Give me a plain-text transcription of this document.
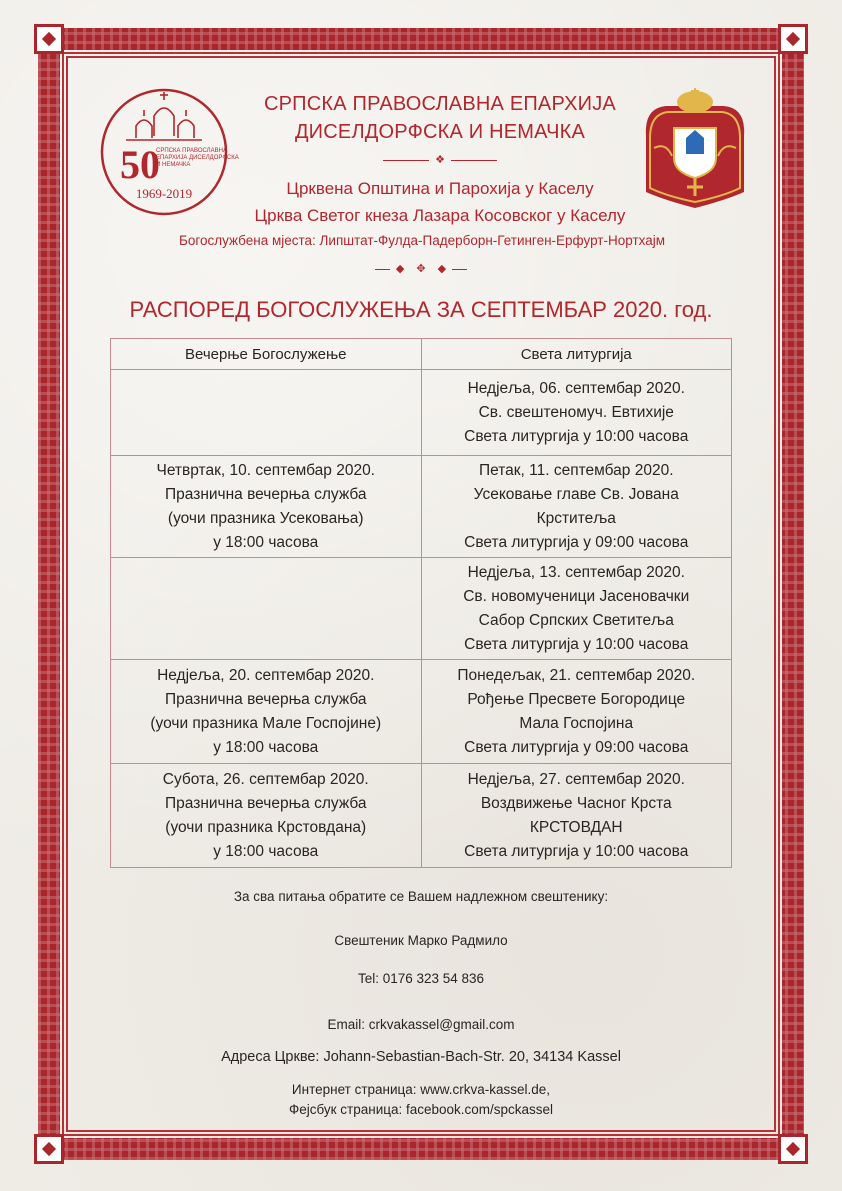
50
СРПСКА ПРАВОСЛАВНА
ЕПАРХИЈА ДИСЕЛДОРФСКА
И НЕМАЧКА
1969-2019
СРПСКА ПРАВОСЛАВНА ЕПАРХИЈА
ДИСЕЛДОРФСКА И НЕМАЧКА
❖
Црквена Општина и Парохија у Каселу
Црква Светог кнеза Лазара Косовског у Каселу
Богослужбена мјеста: Липштат-Фулда-Падерборн-Гетинген-Ерфурт-Нортхајм
◆ ✥ ◆
РАСПОРЕД БОГОСЛУЖЕЊА ЗА СЕПТЕМБАР 2020. год.
Вечерње Богослужење	Света литургија

	Недјеља, 06. септембар 2020.
Св. свештеномуч. Евтихије
Света литургија у 10:00 часова

Четвртак, 10. септембар 2020.
Празнична вечерња служба
(уочи празника Усековања)
у 18:00 часова	Петак, 11. септембар 2020.
Усековање главе Св. Јована
Крститеља
Света литургија у 09:00 часова

	Недјеља, 13. септембар 2020.
Св. новомученици Јасеновачки
Сабор Српских Светитеља
Света литургија у 10:00 часова

Недјеља, 20. септембар 2020.
Празнична вечерња служба
(уочи празника Мале Госпојине)
у 18:00 часова	Понедељак, 21. септембар 2020.
Рођење Пресвете Богородице
Мала Госпојина
Света литургија у 09:00 часова

Субота, 26. септембар 2020.
Празнична вечерња служба
(уочи празника Крстовдана)
у 18:00 часова	Недјеља, 27. септембар 2020.
Воздвижење Часног Крста
КРСТОВДАН
Света литургија у 10:00 часова
За сва питања обратите се Вашем надлежном свештенику:
Свештеник Марко Радмило
Tel: 0176 323 54 836
Email: crkvakassel@gmail.com
Адреса Цркве: Johann-Sebastian-Bach-Str. 20, 34134 Kassel
Интернет страница: www.crkva-kassel.de,
Фејсбук страница: facebook.com/spckassel
